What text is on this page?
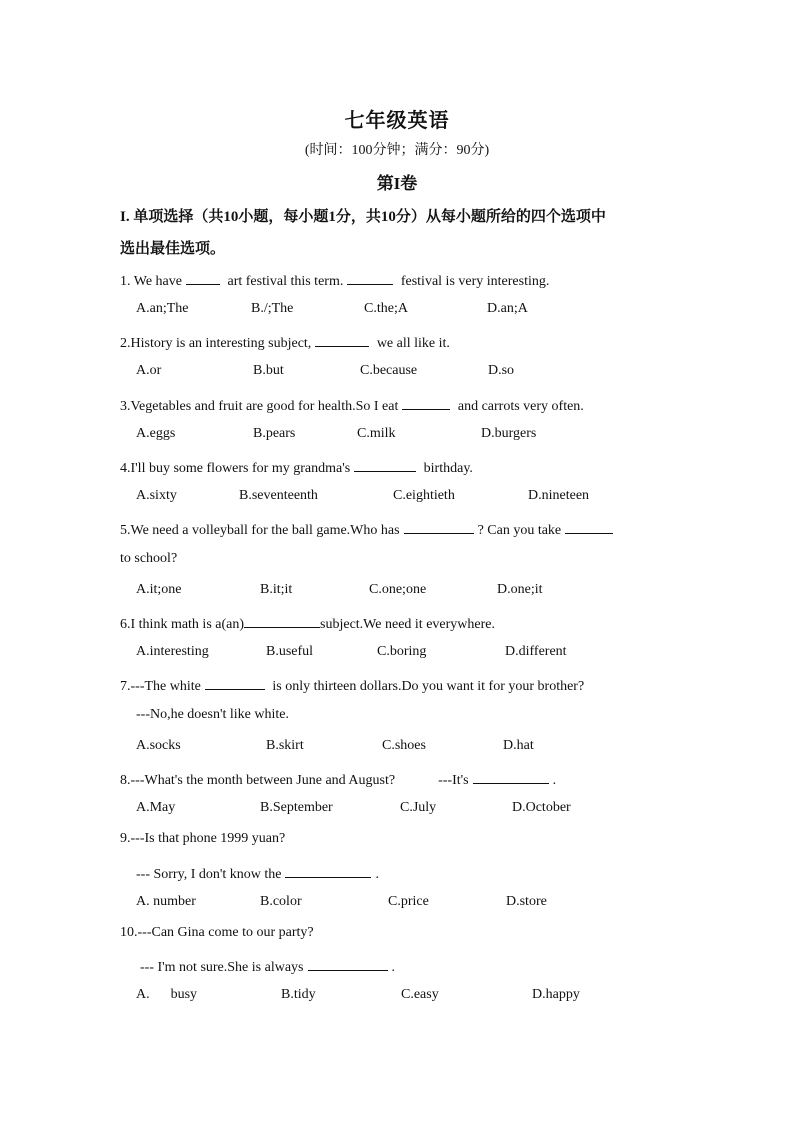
七年级英语
(时间：100分钟；满分：90分)
第I卷
I. 单项选择（共10小题，每小题1分，共10分）从每小题所给的四个选项中
选出最佳选项。
1. We have	art festival this term.	festival is very interesting.
A.an;The	B./;The	C.the;A	D.an;A
2.History is an interesting subject,	we all like it.
A.or	B.but	C.because	D.so
3.Vegetables and fruit are good for health.So I eat	and carrots very often.
A.eggs	B.pears	C.milk	D.burgers
4.I'll buy some flowers for my grandma's	birthday.
A.sixty	B.seventeenth	C.eightieth	D.nineteen
5.We need a volleyball for the ball game.Who has	? Can you take
to school?
A.it;one	B.it;it	C.one;one	D.one;it
6.I think math is a(an)	subject.We need it everywhere.
A.interesting	B.useful	C.boring	D.different
7.---The white	is only thirteen dollars.Do you want it for your brother?
---No,he doesn't like white.
A.socks	B.skirt	C.shoes	D.hat
8.---What's the month between June and August?	---It's	.
A.May	B.September	C.July	D.October
9.---Is that phone 1999 yuan?
--- Sorry, I don't know the	.
A. number	B.color	C.price	D.store
10.---Can Gina come to our party?
--- I'm not sure.She is always	.
A.      busy	B.tidy	C.easy	D.happy
